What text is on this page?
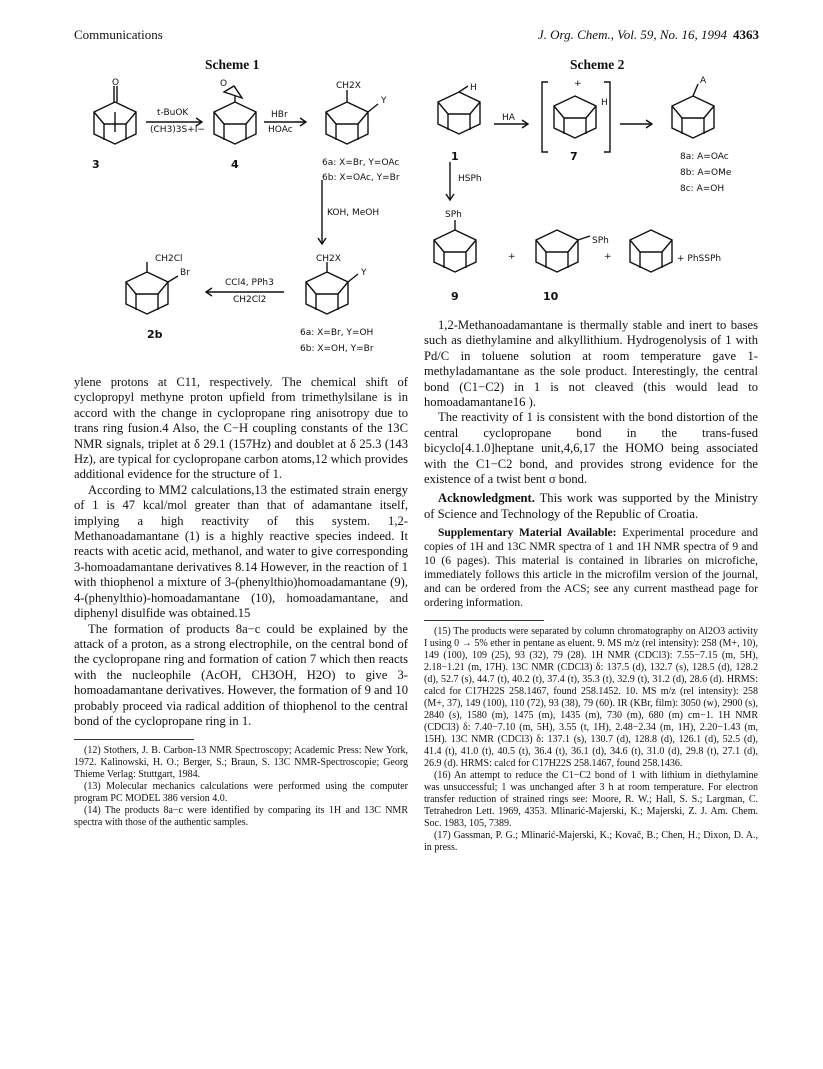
Communications	J. Org. Chem., Vol. 59, No. 16, 1994 4363
Scheme 1
O	O
t-BuOK
(CH3)3S+I−
HBr
HOAc
CH2X
Y
3	4	6a: X=Br, Y=OAc
6b: X=OAc, Y=Br
KOH, MeOH
CH2Cl
Br
CCl4, PPh3
CH2Cl2
CH2X
Y
2b	6a: X=Br, Y=OH
6b: X=OH, Y=Br
Scheme 2
H
HA
+
H
A
1	7	8a: A=OAc
8b: A=OMe
8c: A=OH
HSPh
SPh
+
SPh
+	+ PhSSPh
9	10

ylene protons at C11, respectively. The chemical shift of cyclopropyl methyne proton upfield from trimethylsilane is in accord with the change in cyclopropane ring anisotropy due to trans ring fusion.4 Also, the C−H coupling constants of the 13C NMR signals, triplet at δ 29.1 (157Hz) and doublet at δ 25.3 (143 Hz), are typical for cyclopropane carbon atoms,12 which provides additional evidence for the structure of 1.

According to MM2 calculations,13 the estimated strain energy of 1 is 47 kcal/mol greater than that of adamantane itself, implying a high reactivity of this system. 1,2-Methanoadamantane (1) is a highly reactive species indeed. It reacts with acetic acid, methanol, and water to give corresponding 3-homoadamantane derivatives 8.14 However, in the reaction of 1 with thiophenol a mixture of 3-(phenylthio)homoadamantane (9), 4-(phenylthio)-homoadamantane (10), homoadamantane, and diphenyl disulfide was obtained.15

The formation of products 8a−c could be explained by the attack of a proton, as a strong electrophile, on the central bond of the cyclopropane ring and formation of cation 7 which then reacts with the nucleophile (AcOH, CH3OH, H2O) to give 3-homoadamantane derivatives. However, the formation of 9 and 10 probably proceed via radical addition of thiophenol to the central bond of the cyclopropane ring in 1.

(12) Stothers, J. B. Carbon-13 NMR Spectroscopy; Academic Press: New York, 1972. Kalinowski, H. O.; Berger, S.; Braun, S. 13C NMR-Spectroscopie; Georg Thieme Verlag: Stuttgart, 1984.

(13) Molecular mechanics calculations were performed using the computer program PC MODEL 386 version 4.0.

(14) The products 8a−c were identified by comparing its 1H and 13C NMR spectra with those of the authentic samples.

1,2-Methanoadamantane is thermally stable and inert to bases such as diethylamine and alkyllithium. Hydrogenolysis of 1 with Pd/C in toluene solution at room temperature gave 1-methyladamantane as the sole product. Interestingly, the central bond (C1−C2) in 1 is not cleaved (this would lead to homoadamantane16 ).

The reactivity of 1 is consistent with the bond distortion of the central cyclopropane bond in the trans-fused bicyclo[4.1.0]heptane unit,4,6,17 the HOMO being associated with the C1−C2 bond, and provides strong evidence for the existence of a twist bent σ bond.

Acknowledgment. This work was supported by the Ministry of Science and Technology of the Republic of Croatia.

Supplementary Material Available: Experimental procedure and copies of 1H and 13C NMR spectra of 1 and 1H NMR spectra of 9 and 10 (6 pages). This material is contained in libraries on microfiche, immediately follows this article in the microfilm version of the journal, and can be ordered from the ACS; see any current masthead page for ordering information.

(15) The products were separated by column chromatography on Al2O3 activity I using 0 → 5% ether in pentane as eluent. 9. MS m/z (rel intensity): 258 (M+, 10), 149 (100), 109 (25), 93 (32), 79 (28). 1H NMR (CDCl3): 7.55−7.15 (m, 5H), 2.18−1.21 (m, 17H). 13C NMR (CDCl3) δ: 137.5 (d), 132.7 (s), 128.5 (d), 128.2 (d), 52.7 (s), 44.7 (t), 40.2 (t), 37.4 (t), 35.3 (t), 32.9 (t), 31.2 (d), 28.6 (d). HRMS: calcd for C17H22S 258.1467, found 258.1452. 10. MS m/z (rel intensity): 258 (M+, 37), 149 (100), 110 (72), 93 (38), 79 (60). IR (KBr, film): 3050 (w), 2900 (s), 2840 (s), 1580 (m), 1475 (m), 1435 (m), 730 (m), 680 (m) cm−1. 1H NMR (CDCl3) δ: 7.40−7.10 (m, 5H), 3.55 (t, 1H), 2.48−2.34 (m, 1H), 2.20−1.43 (m, 15H). 13C NMR (CDCl3) δ: 137.1 (s), 130.7 (d), 128.8 (d), 126.1 (d), 52.5 (d), 41.4 (t), 41.0 (t), 40.5 (t), 36.4 (t), 36.1 (d), 34.6 (t), 31.0 (d), 29.8 (t), 27.1 (d), 26.9 (d). HRMS: calcd for C17H22S 258.1467, found 258.1436.

(16) An attempt to reduce the C1−C2 bond of 1 with lithium in diethylamine was unsuccessful; 1 was unchanged after 3 h at room temperature. For electron transfer reduction of strained rings see: Moore, R. W.; Hall, S. S.; Largman, C. Tetrahedron Lett. 1969, 4353. Mlinarić-Majerski, K.; Majerski, Z. J. Am. Chem. Soc. 1983, 105, 7389.

(17) Gassman, P. G.; Mlinarić-Majerski, K.; Kovač, B.; Chen, H.; Dixon, D. A., in press.
